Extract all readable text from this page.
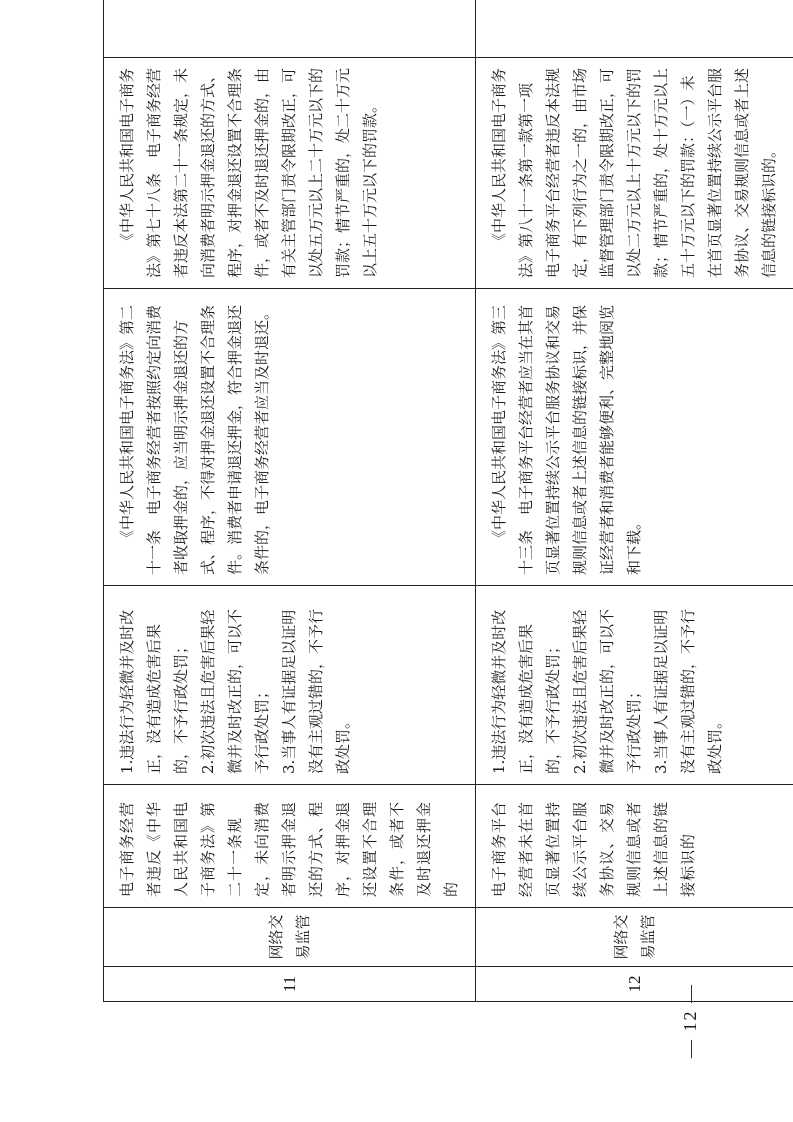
11	网络交易监管	电子商务经营者违反《中华人民共和国电子商务法》第二十一条规定，未向消费者明示押金退还的方式、程序，对押金退还设置不合理条件，或者不及时退还押金的	1.违法行为轻微并及时改正，没有造成危害后果的，不予行政处罚； 2.初次违法且危害后果轻微并及时改正的，可以不予行政处罚； 3.当事人有证据足以证明没有主观过错的，不予行政处罚。	《中华人民共和国电子商务法》第二十一条　电子商务经营者按照约定向消费者收取押金的，应当明示押金退还的方式、程序，不得对押金退还设置不合理条件。消费者申请退还押金，符合押金退还条件的，电子商务经营者应当及时退还。	《中华人民共和国电子商务法》第七十八条　电子商务经营者违反本法第二十一条规定，未向消费者明示押金退还的方式、程序，对押金退还设置不合理条件，或者不及时退还押金的，由有关主管部门责令限期改正，可以处五万元以上二十万元以下的罚款；情节严重的，处二十万元以上五十万元以下的罚款。	

12	网络交易监管	电子商务平台经营者未在首页显著位置持续公示平台服务协议、交易规则信息或者上述信息的链接标识的	1.违法行为轻微并及时改正，没有造成危害后果的，不予行政处罚； 2.初次违法且危害后果轻微并及时改正的，可以不予行政处罚； 3.当事人有证据足以证明没有主观过错的，不予行政处罚。	《中华人民共和国电子商务法》第三十三条　电子商务平台经营者应当在其首页显著位置持续公示平台服务协议和交易规则信息或者上述信息的链接标识，并保证经营者和消费者能够便利、完整地阅览和下载。	《中华人民共和国电子商务法》第八十一条第一款第一项　电子商务平台经营者违反本法规定，有下列行为之一的，由市场监督管理部门责令限期改正，可以处二万元以上十万元以下的罚款；情节严重的，处十万元以上五十万元以下的罚款：（一）未在首页显著位置持续公示平台服务协议、交易规则信息或者上述信息的链接标识的。	

— 12 —
